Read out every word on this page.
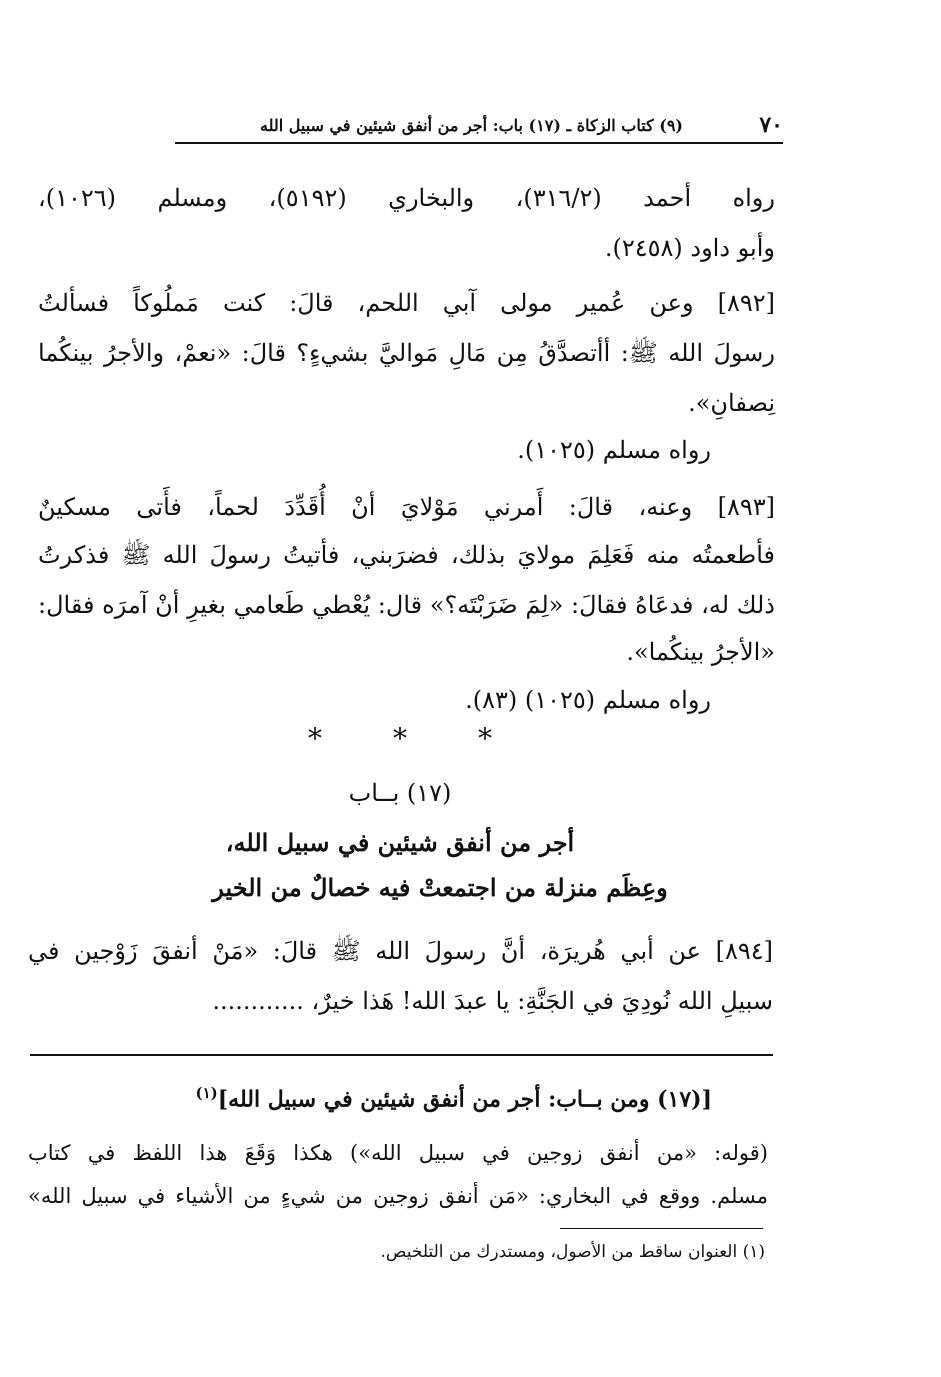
٧٠
(٩) كتاب الزكاة ـ (١٧) باب: أجر من أنفق شيئين في سبيل الله
رواه أحمد (٣١٦/٢)، والبخاري (٥١٩٢)، ومسلم (١٠٢٦)،
وأبو داود (٢٤٥٨).
[٨٩٢] وعن عُمير مولى آبي اللحم، قالَ: كنت مَملُوكاً فسألتُ
رسولَ الله ﷺ: أأتصدَّقُ مِن مَالِ مَواليَّ بشيءٍ؟ قالَ: «نعمْ، والأجرُ بينكُما
نِصفانِ».
رواه مسلم (١٠٢٥).
[٨٩٣] وعنه، قالَ: أَمرني مَوْلايَ أنْ أُقَدِّدَ لحماً، فأَتى مسكينٌ
فأطعمتُه منه فَعَلِمَ مولايَ بذلك، فضرَبني، فأتيتُ رسولَ الله ﷺ فذكرتُ
ذلك له، فدعَاهُ فقالَ: «لِمَ ضَرَبْتَه؟» قال: يُعْطي طَعامي بغيرِ أنْ آمرَه فقال:
«الأجرُ بينكُما».
رواه مسلم (١٠٢٥) (٨٣).
*	*	*
(١٧) بــاب
أجر من أنفق شيئين في سبيل الله،
وعِظَم منزلة من اجتمعتْ فيه خصالٌ من الخير
[٨٩٤] عن أبي هُريرَة، أنَّ رسولَ الله ﷺ قالَ: «مَنْ أنفقَ زَوْجين في
سبيلِ الله نُودِيَ في الجَنَّةِ: يا عبدَ الله! هَذا خيرٌ، ............
[(١٧) ومن بــاب: أجر من أنفق شيئين في سبيل الله]$^{(١)}$
(قوله: «من أنفق زوجين في سبيل الله») هكذا وَقَعَ هذا اللفظ في كتاب
مسلم. ووقع في البخاري: «مَن أنفق زوجين من شيءٍ من الأشياء في سبيل الله»
(١) العنوان ساقط من الأصول، ومستدرك من التلخيص.
